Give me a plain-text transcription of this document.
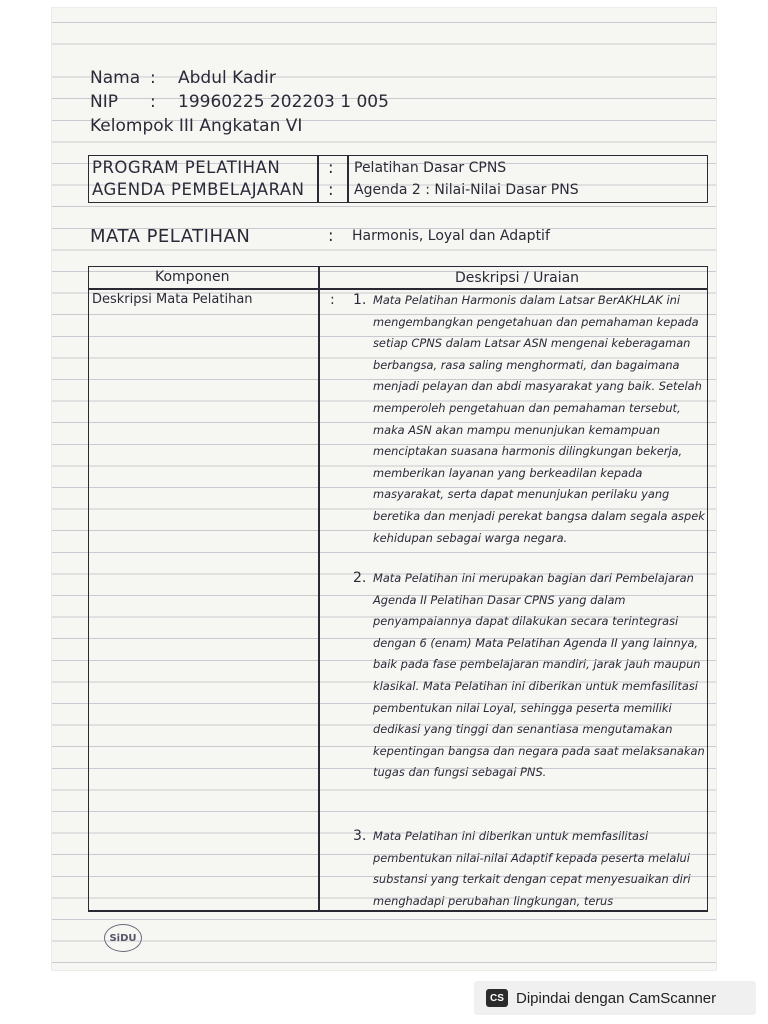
Nama : Abdul Kadir
NIP : 19960225 202203 1 005
Kelompok III Angkatan VI
PROGRAM PELATIHAN	: Pelatihan Dasar CPNS
AGENDA PEMBELAJARAN : Agenda 2 : Nilai-Nilai Dasar PNS
MATA PELATIHAN	: Harmonis, Loyal dan Adaptif
Komponen	Deskripsi / Uraian
Deskripsi Mata Pelatihan	: 1. Mata Pelatihan Harmonis dalam Latsar BerAKHLAK ini mengembangkan pengetahuan dan pemahaman kepada setiap CPNS dalam Latsar ASN mengenai keberagaman berbangsa, rasa saling menghormati, dan bagaimana menjadi pelayan dan abdi masyarakat yang baik. Setelah memperoleh pengetahuan dan pemahaman tersebut, maka ASN akan mampu menunjukan kemampuan menciptakan suasana harmonis dilingkungan bekerja, memberikan layanan yang berkeadilan kepada masyarakat, serta dapat menunjukan perilaku yang beretika dan menjadi perekat bangsa dalam segala aspek kehidupan sebagai warga negara.

2. Mata Pelatihan ini merupakan bagian dari Pembelajaran Agenda II Pelatihan Dasar CPNS yang dalam penyampaiannya dapat dilakukan secara terintegrasi dengan 6 (enam) Mata Pelatihan Agenda II yang lainnya, baik pada fase pembelajaran mandiri, jarak jauh maupun klasikal. Mata Pelatihan ini diberikan untuk memfasilitasi pembentukan nilai Loyal, sehingga peserta memiliki dedikasi yang tinggi dan senantiasa mengutamakan kepentingan bangsa dan negara pada saat melaksanakan tugas dan fungsi sebagai PNS.

3. Mata Pelatihan ini diberikan untuk memfasilitasi pembentukan nilai-nilai Adaptif kepada peserta melalui substansi yang terkait dengan cepat menyesuaikan diri menghadapi perubahan lingkungan, terus

SiDU
CS Dipindai dengan CamScanner
